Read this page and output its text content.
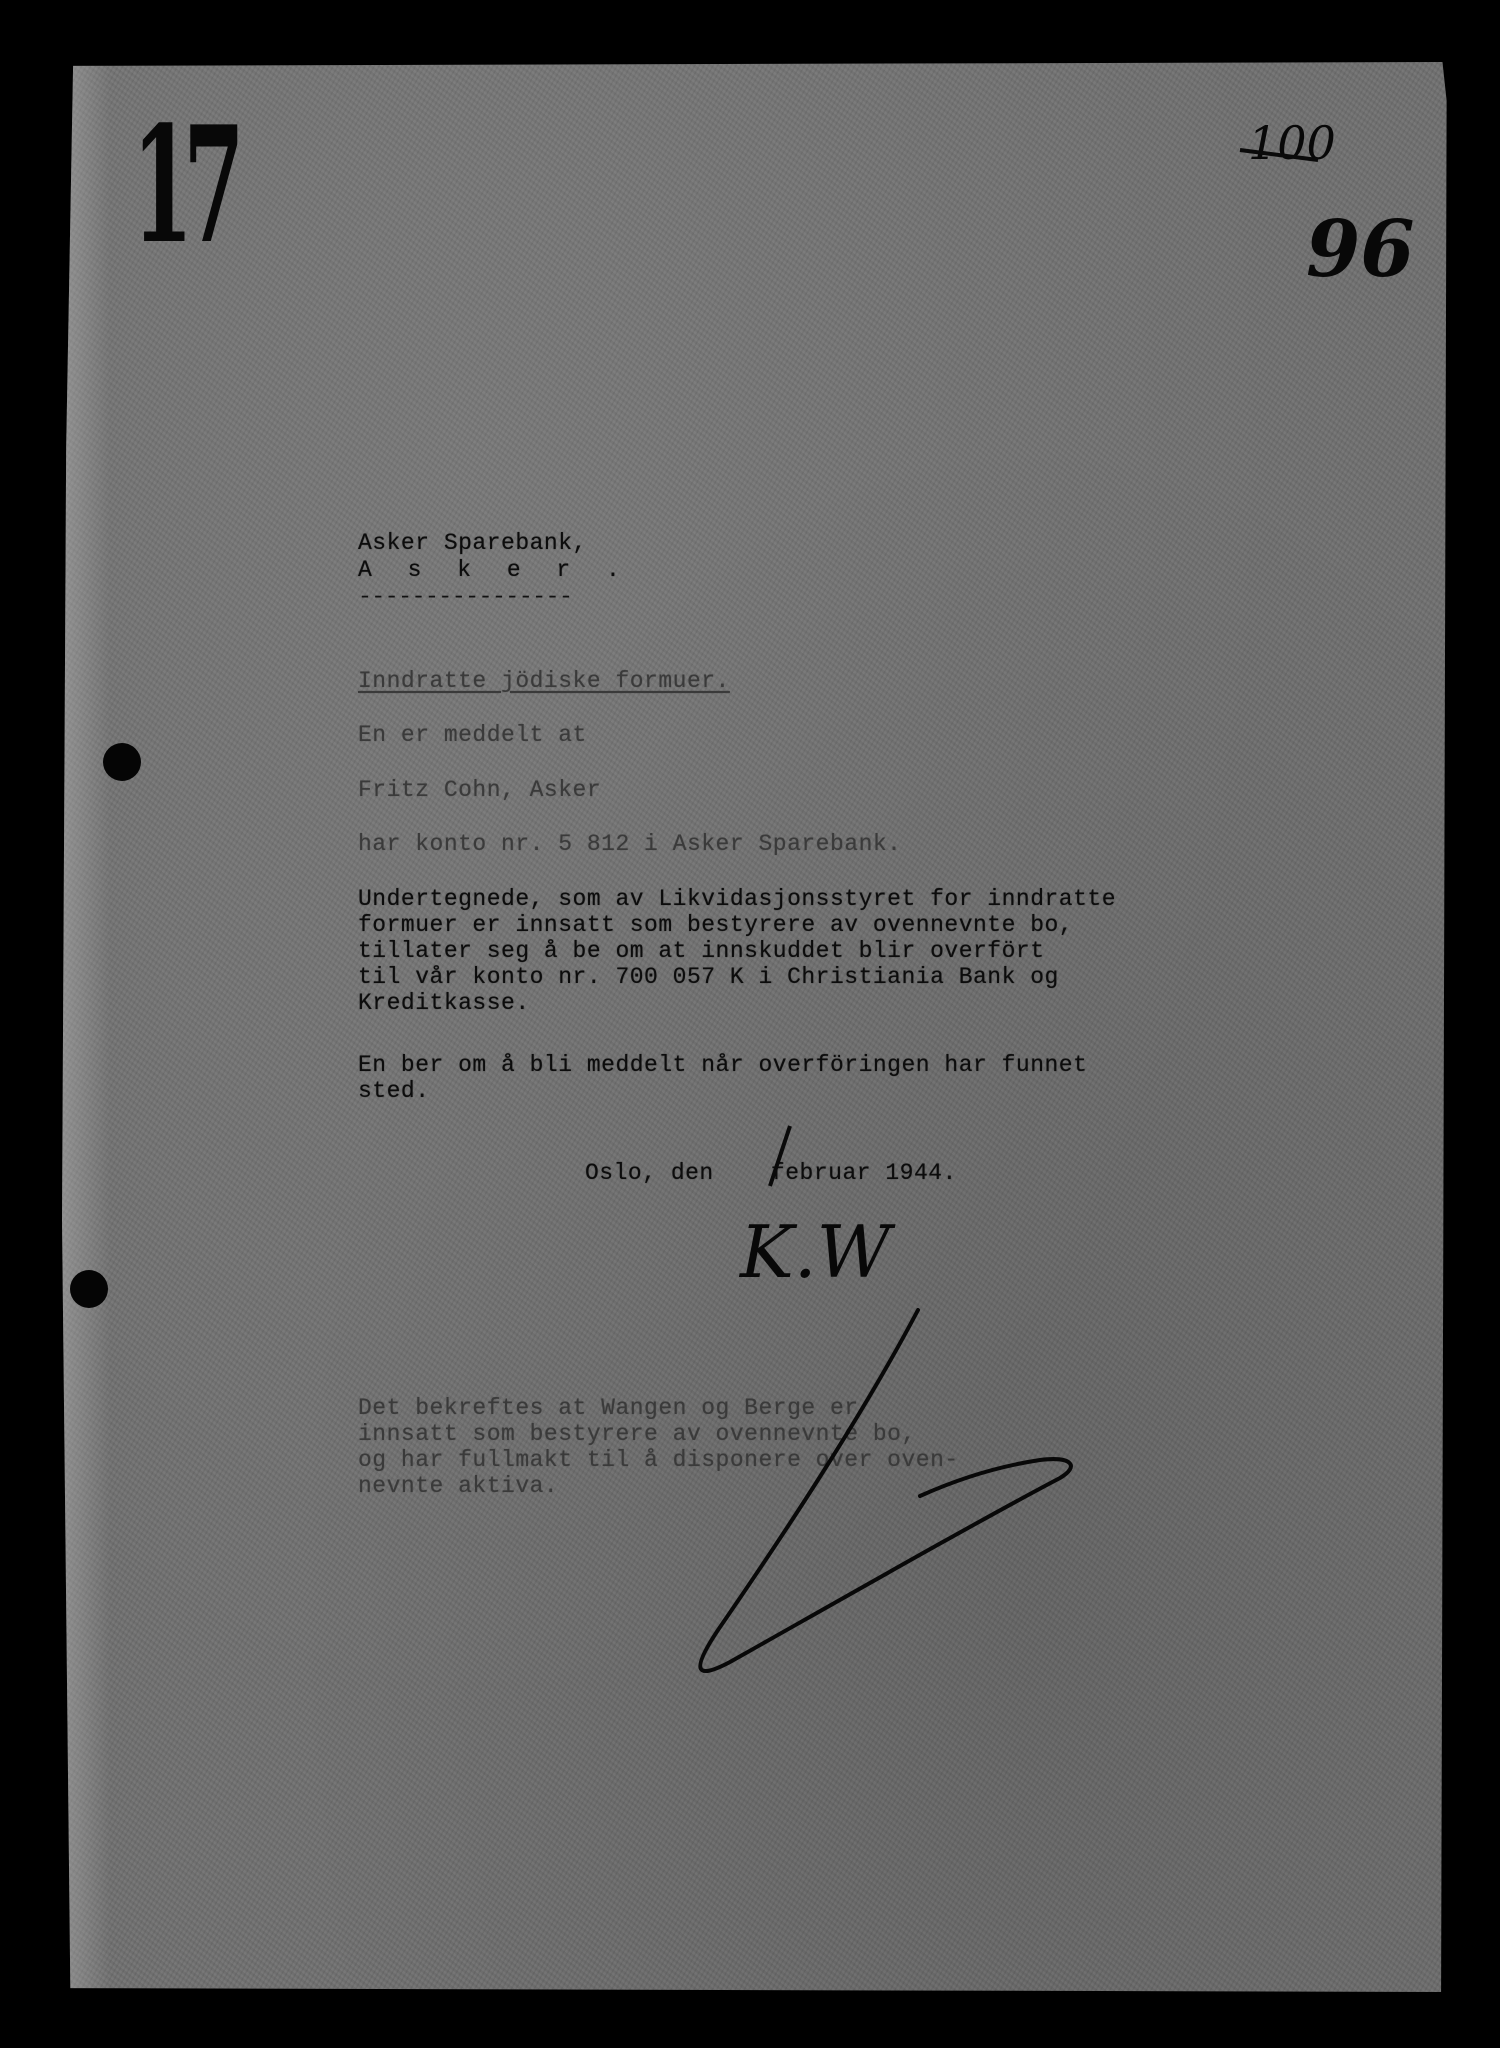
17	100
96
K.W
Asker Sparebank,
A s k e r .
----------------
Inndratte jödiske formuer.
En er meddelt at
Fritz Cohn, Asker
har konto nr. 5 812 i Asker Sparebank.
Undertegnede, som av Likvidasjonsstyret for inndratte
formuer er innsatt som bestyrere av ovennevnte bo,
tillater seg å be om at innskuddet blir overfört
til vår konto nr. 700 057 K i Christiania Bank og
Kreditkasse.
En ber om å bli meddelt når overföringen har funnet
sted.
Oslo, den    februar 1944.
Det bekreftes at Wangen og Berge er
innsatt som bestyrere av ovennevnte bo,
og har fullmakt til å disponere over oven-
nevnte aktiva.
